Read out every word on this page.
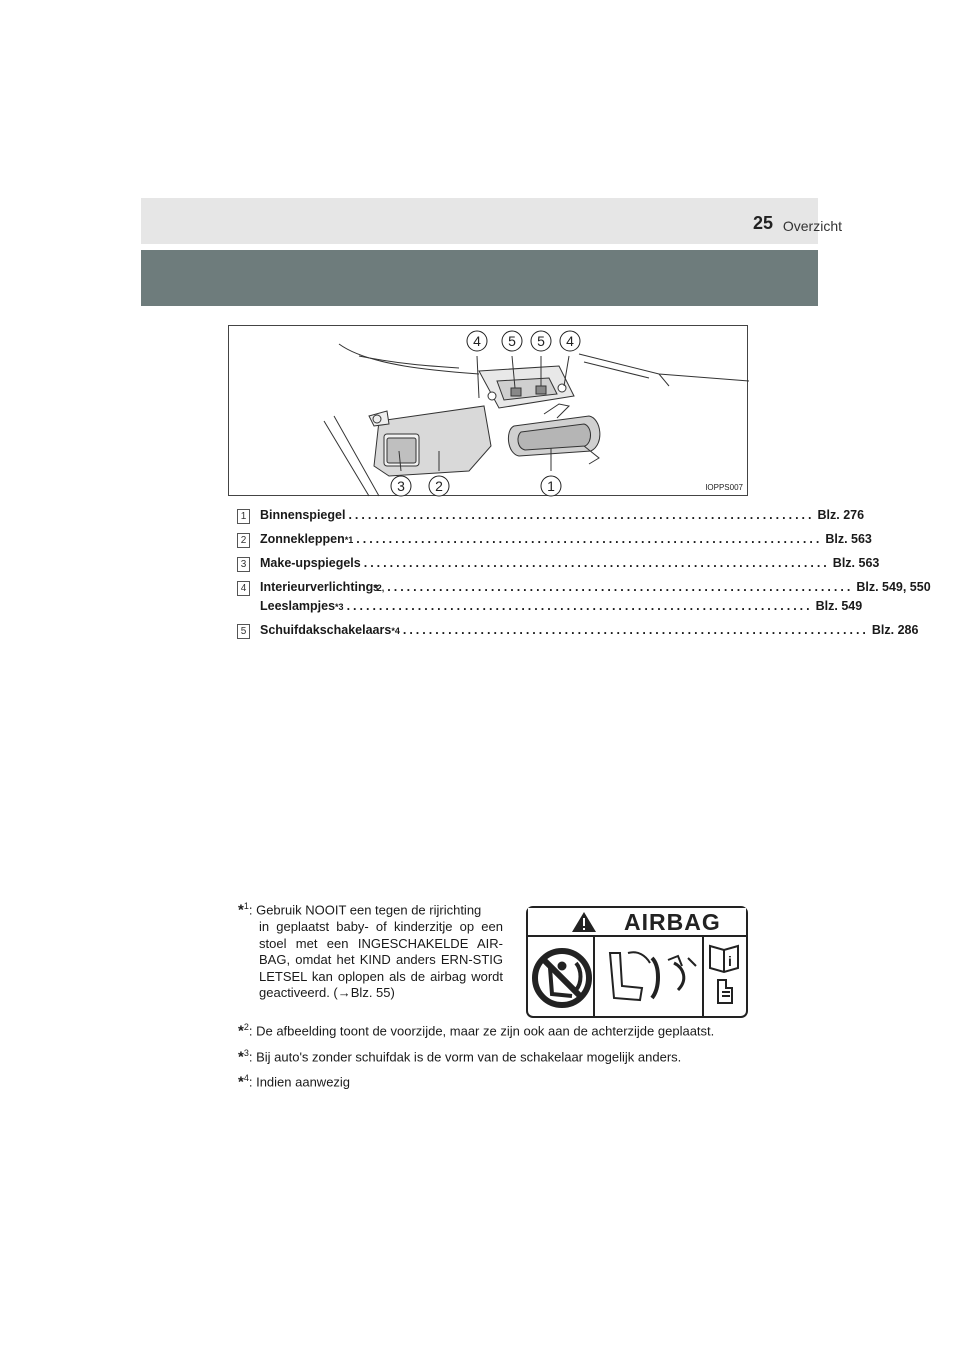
Overzicht
25
4 5 5 4
3 2	1	IOPPS007
1 Binnenspiegel ........................................................................ Blz. 276
2 Zonnekleppen *1 ........................................................................ Blz. 563
3 Make-upspiegels ........................................................................ Blz. 563
4 Interieurverlichting *2, 3 ........................................................................ Blz. 549, 550
Leeslampjes *3 ........................................................................ Blz. 549
5 Schuifdakschakelaars *4 ........................................................................ Blz. 286
*$^1$: Gebruik NOOIT een tegen de rijrichting
in geplaatst baby- of kinderzitje op een stoel met een INGESCHAKELDE AIR-BAG, omdat het KIND anders ERN-STIG LETSEL kan oplopen als de airbag wordt geactiveerd. (→Blz. 55)
*$^2$: De afbeelding toont de voorzijde, maar ze zijn ook aan de achterzijde geplaatst.
*$^3$: Bij auto's zonder schuifdak is de vorm van de schakelaar mogelijk anders.
*$^4$: Indien aanwezig
AIRBAG
i
